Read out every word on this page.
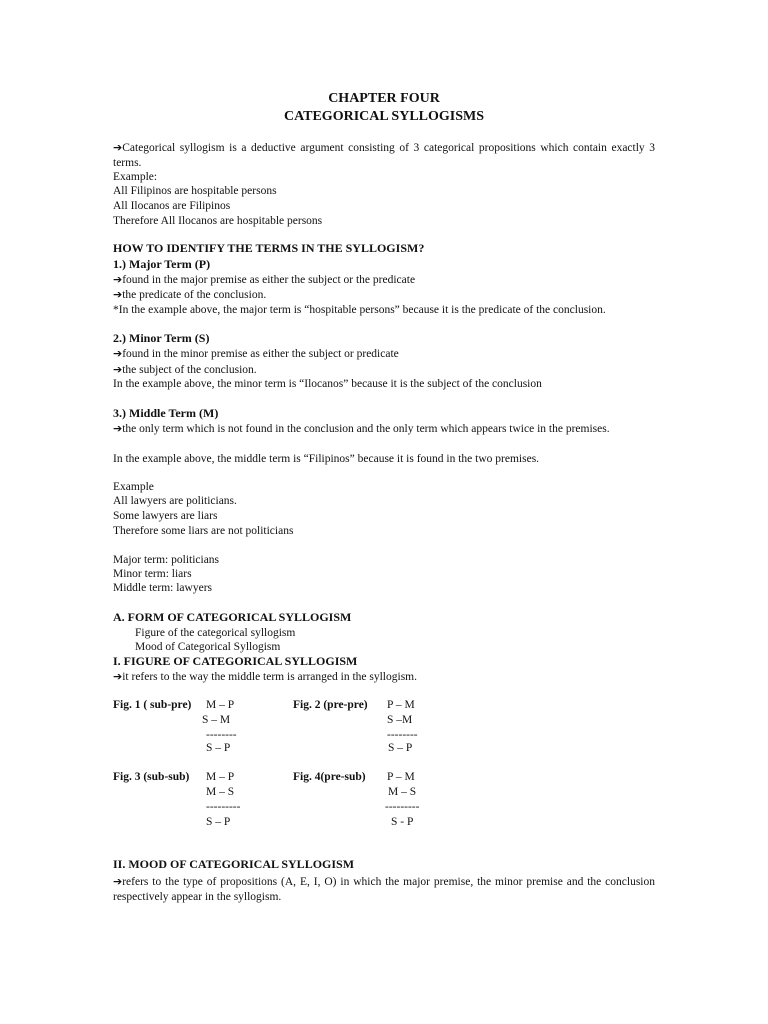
CHAPTER FOUR
CATEGORICAL SYLLOGISMS
➔Categorical syllogism is a deductive argument consisting of 3 categorical propositions which contain exactly 3 terms.
Example:
All Filipinos are hospitable persons
All Ilocanos are Filipinos
Therefore All Ilocanos are hospitable persons
HOW TO IDENTIFY THE TERMS IN THE SYLLOGISM?
1.) Major Term (P)
➔found in the major premise as either the subject or the predicate
➔the predicate of the conclusion.
*In the example above, the major term is “hospitable persons” because it is the predicate of the conclusion.
2.) Minor Term (S)
➔found in the minor premise as either the subject or predicate
➔the subject of the conclusion.
In the example above, the minor term is “Ilocanos” because it is the subject of the conclusion
3.) Middle Term (M)
➔the only term which is not found in the conclusion and the only term which appears twice in the premises.
In the example above, the middle term is “Filipinos” because it is found in the two premises.
Example
All lawyers are politicians.
Some lawyers are liars
Therefore some liars are not politicians
Major term: politicians
Minor term: liars
Middle term: lawyers
A. FORM OF CATEGORICAL SYLLOGISM
Figure of the categorical syllogism
Mood of Categorical Syllogism
I. FIGURE OF CATEGORICAL SYLLOGISM
➔it refers to the way the middle term is arranged in the syllogism.
Fig. 1 ( sub-pre) M – P
S – M
--------
S – P
Fig. 2 (pre-pre) P – M
S –M
--------
S – P
Fig. 3 (sub-sub) M – P
M – S
---------
S – P
Fig. 4(pre-sub) P – M
M – S
---------
S - P
II. MOOD OF CATEGORICAL SYLLOGISM
➔refers to the type of propositions (A, E, I, O) in which the major premise, the minor premise and the conclusion respectively appear in the syllogism.
